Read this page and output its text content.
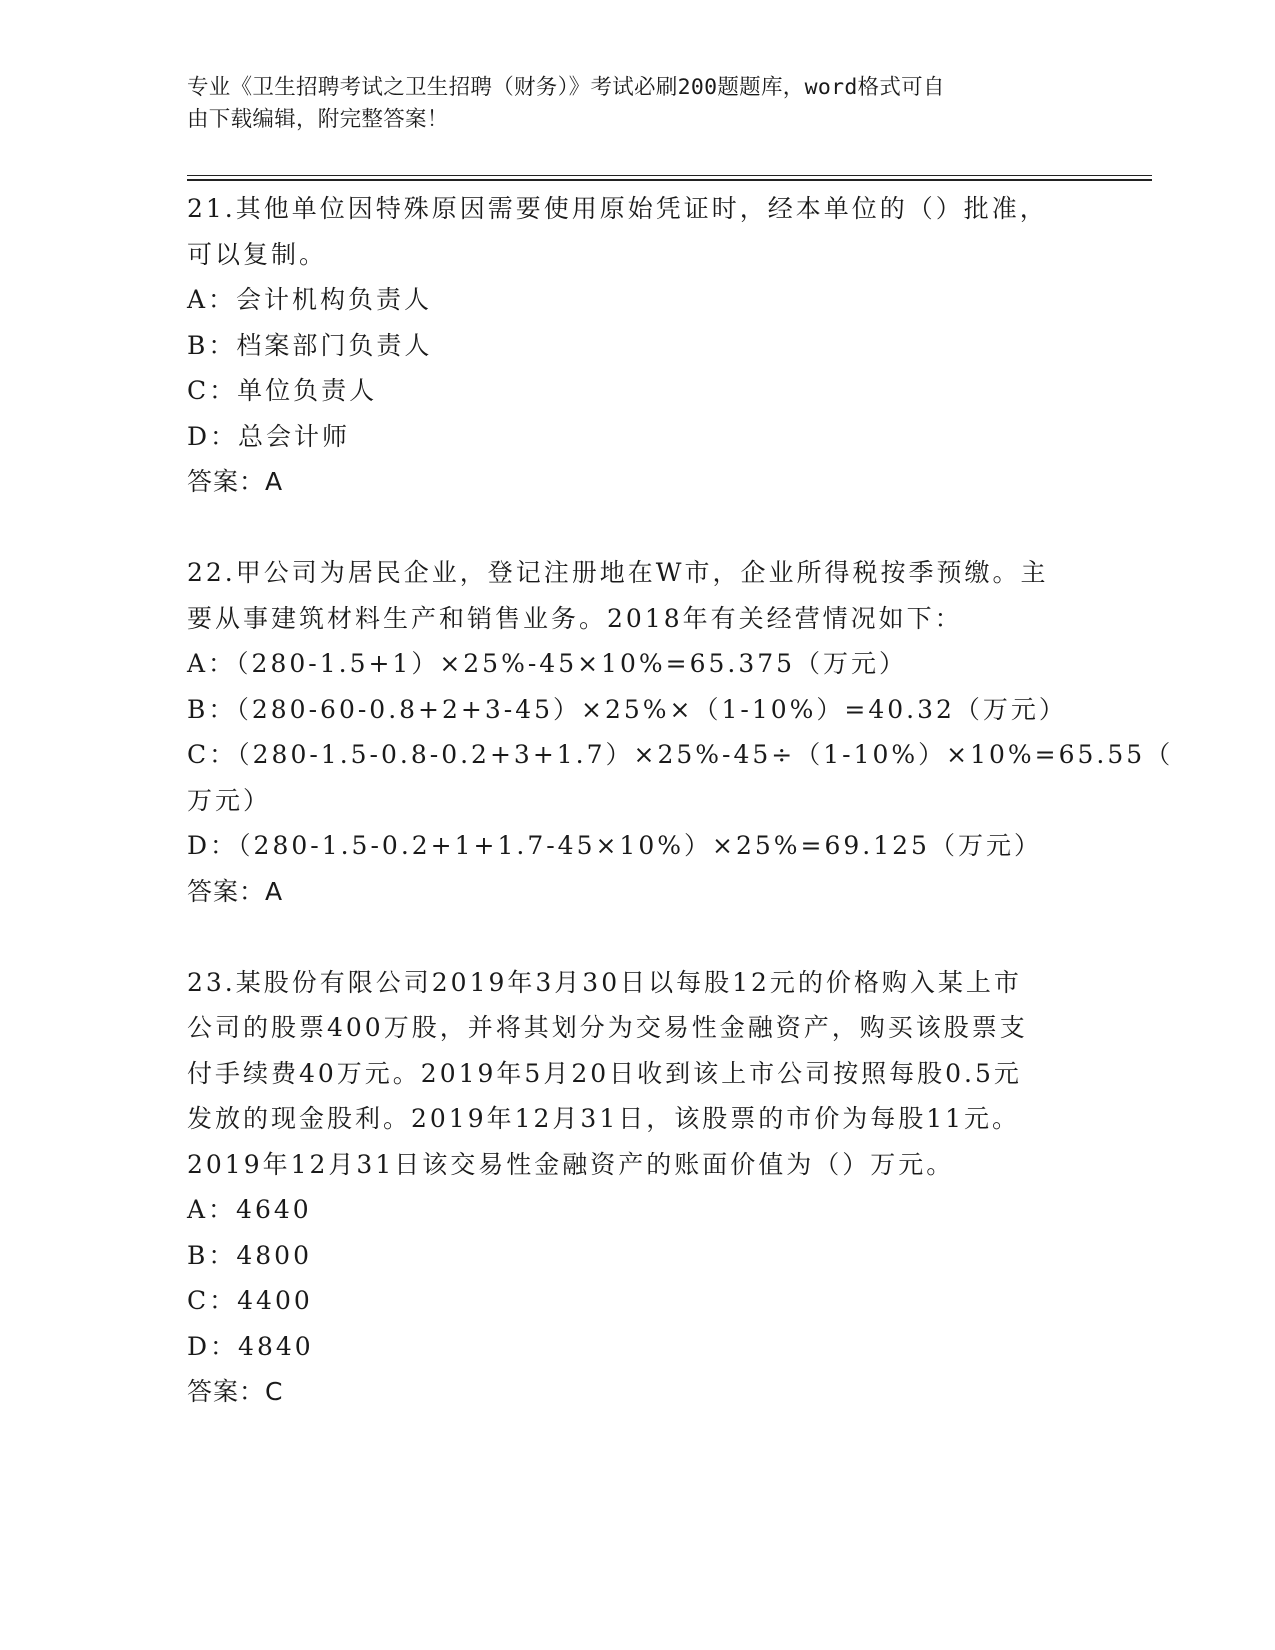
专业《卫生招聘考试之卫生招聘（财务）》考试必刷200题题库，word格式可自
由下载编辑，附完整答案！
21.其他单位因特殊原因需要使用原始凭证时，经本单位的（）批准，
可以复制。
A：会计机构负责人
B：档案部门负责人
C：单位负责人
D：总会计师
答案：A
22.甲公司为居民企业，登记注册地在W市，企业所得税按季预缴。主
要从事建筑材料生产和销售业务。2018年有关经营情况如下：
A：（280-1.5+1）×25%-45×10%=65.375（万元）
B：（280-60-0.8+2+3-45）×25%×（1-10%）=40.32（万元）
C：（280-1.5-0.8-0.2+3+1.7）×25%-45÷（1-10%）×10%=65.55（
万元）
D：（280-1.5-0.2+1+1.7-45×10%）×25%=69.125（万元）
答案：A
23.某股份有限公司2019年3月30日以每股12元的价格购入某上市
公司的股票400万股，并将其划分为交易性金融资产，购买该股票支
付手续费40万元。2019年5月20日收到该上市公司按照每股0.5元
发放的现金股利。2019年12月31日，该股票的市价为每股11元。
2019年12月31日该交易性金融资产的账面价值为（）万元。
A：4640
B：4800
C：4400
D：4840
答案：C
